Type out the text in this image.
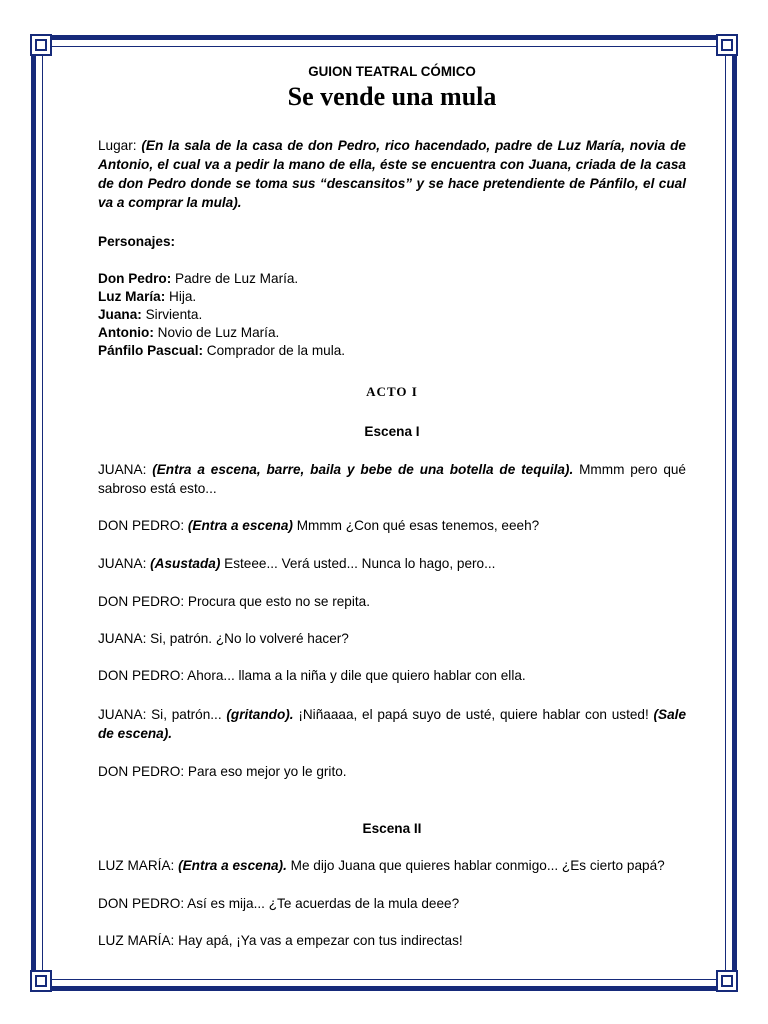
GUION TEATRAL CÓMICO
Se vende una mula
Lugar: (En la sala de la casa de don Pedro, rico hacendado, padre de Luz María, novia de Antonio, el cual va a pedir la mano de ella, éste se encuentra con Juana, criada de la casa de don Pedro donde se toma sus “descansitos” y se hace pretendiente de Pánfilo, el cual va a comprar la mula).
Personajes:
Don Pedro: Padre de Luz María.
Luz María: Hija.
Juana: Sirvienta.
Antonio: Novio de Luz María.
Pánfilo Pascual: Comprador de la mula.
ACTO I
Escena I
JUANA: (Entra a escena, barre, baila y bebe de una botella de tequila). Mmmm pero qué sabroso está esto...
DON PEDRO: (Entra a escena) Mmmm ¿Con qué esas tenemos, eeeh?
JUANA: (Asustada) Esteee... Verá usted... Nunca lo hago, pero...
DON PEDRO: Procura que esto no se repita.
JUANA: Si, patrón. ¿No lo volveré hacer?
DON PEDRO: Ahora... llama a la niña y dile que quiero hablar con ella.
JUANA: Si, patrón... (gritando). ¡Niñaaaa, el papá suyo de usté, quiere hablar con usted! (Sale de escena).
DON PEDRO: Para eso mejor yo le grito.
Escena II
LUZ MARÍA: (Entra a escena). Me dijo Juana que quieres hablar conmigo... ¿Es cierto papá?
DON PEDRO: Así es mija... ¿Te acuerdas de la mula deee?
LUZ MARÍA: Hay apá, ¡Ya vas a empezar con tus indirectas!
